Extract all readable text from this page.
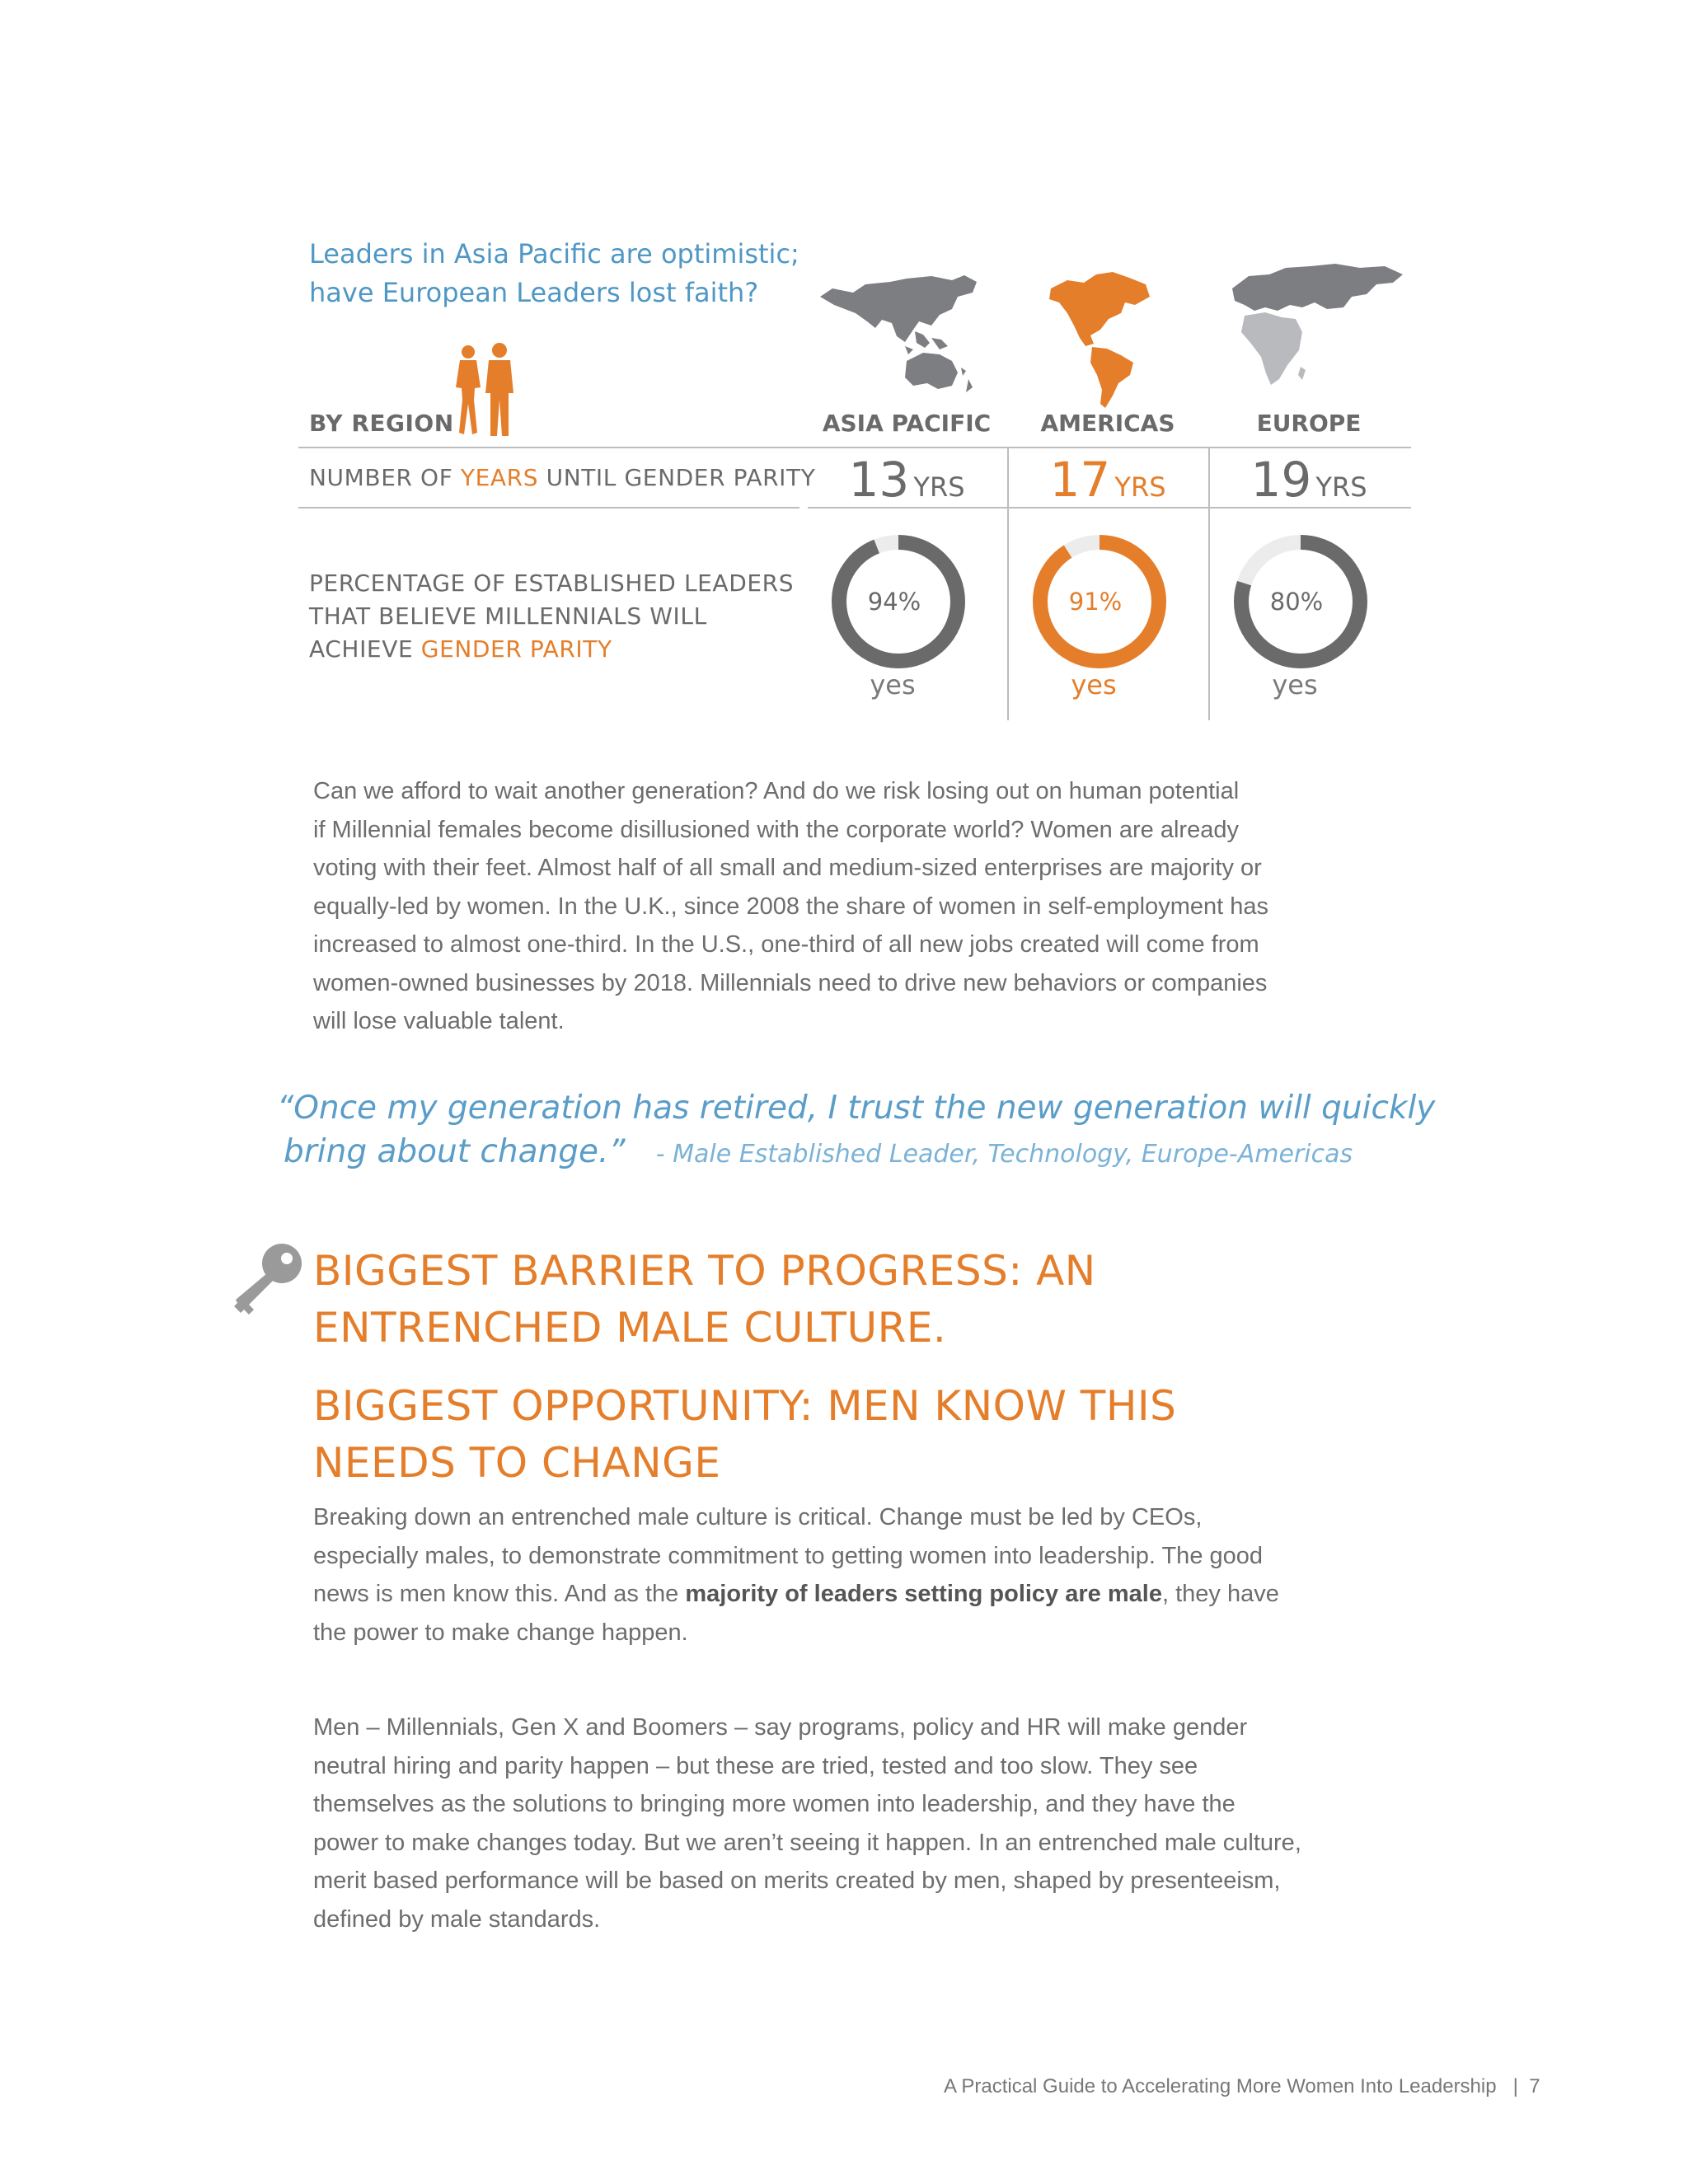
Leaders in Asia Pacific are optimistic;
have European Leaders lost faith?
BY REGION	ASIA PACIFIC	AMERICAS	EUROPE
NUMBER OF YEARS UNTIL GENDER PARITY 13 YRS	17 YRS	19 YRS
PERCENTAGE OF ESTABLISHED LEADERS
THAT BELIEVE MILLENNIALS WILL
ACHIEVE GENDER PARITY
94%	91%	80%
yes	yes	yes
Can we afford to wait another generation? And do we risk losing out on human potential
if Millennial females become disillusioned with the corporate world? Women are already
voting with their feet. Almost half of all small and medium-sized enterprises are majority or
equally-led by women. In the U.K., since 2008 the share of women in self-employment has
increased to almost one-third. In the U.S., one-third of all new jobs created will come from
women-owned businesses by 2018. Millennials need to drive new behaviors or companies
will lose valuable talent.
“Once my generation has retired, I trust the new generation will quickly
bring about change.” - Male Established Leader, Technology, Europe-Americas
BIGGEST BARRIER TO PROGRESS: AN
ENTRENCHED MALE CULTURE.
BIGGEST OPPORTUNITY: MEN KNOW THIS
NEEDS TO CHANGE
Breaking down an entrenched male culture is critical. Change must be led by CEOs,
especially males, to demonstrate commitment to getting women into leadership. The good
news is men know this. And as the majority of leaders setting policy are male, they have
the power to make change happen.
Men – Millennials, Gen X and Boomers – say programs, policy and HR will make gender
neutral hiring and parity happen – but these are tried, tested and too slow. They see
themselves as the solutions to bringing more women into leadership, and they have the
power to make changes today. But we aren’t seeing it happen. In an entrenched male culture,
merit based performance will be based on merits created by men, shaped by presenteeism,
defined by male standards.
A Practical Guide to Accelerating More Women Into Leadership | 7
